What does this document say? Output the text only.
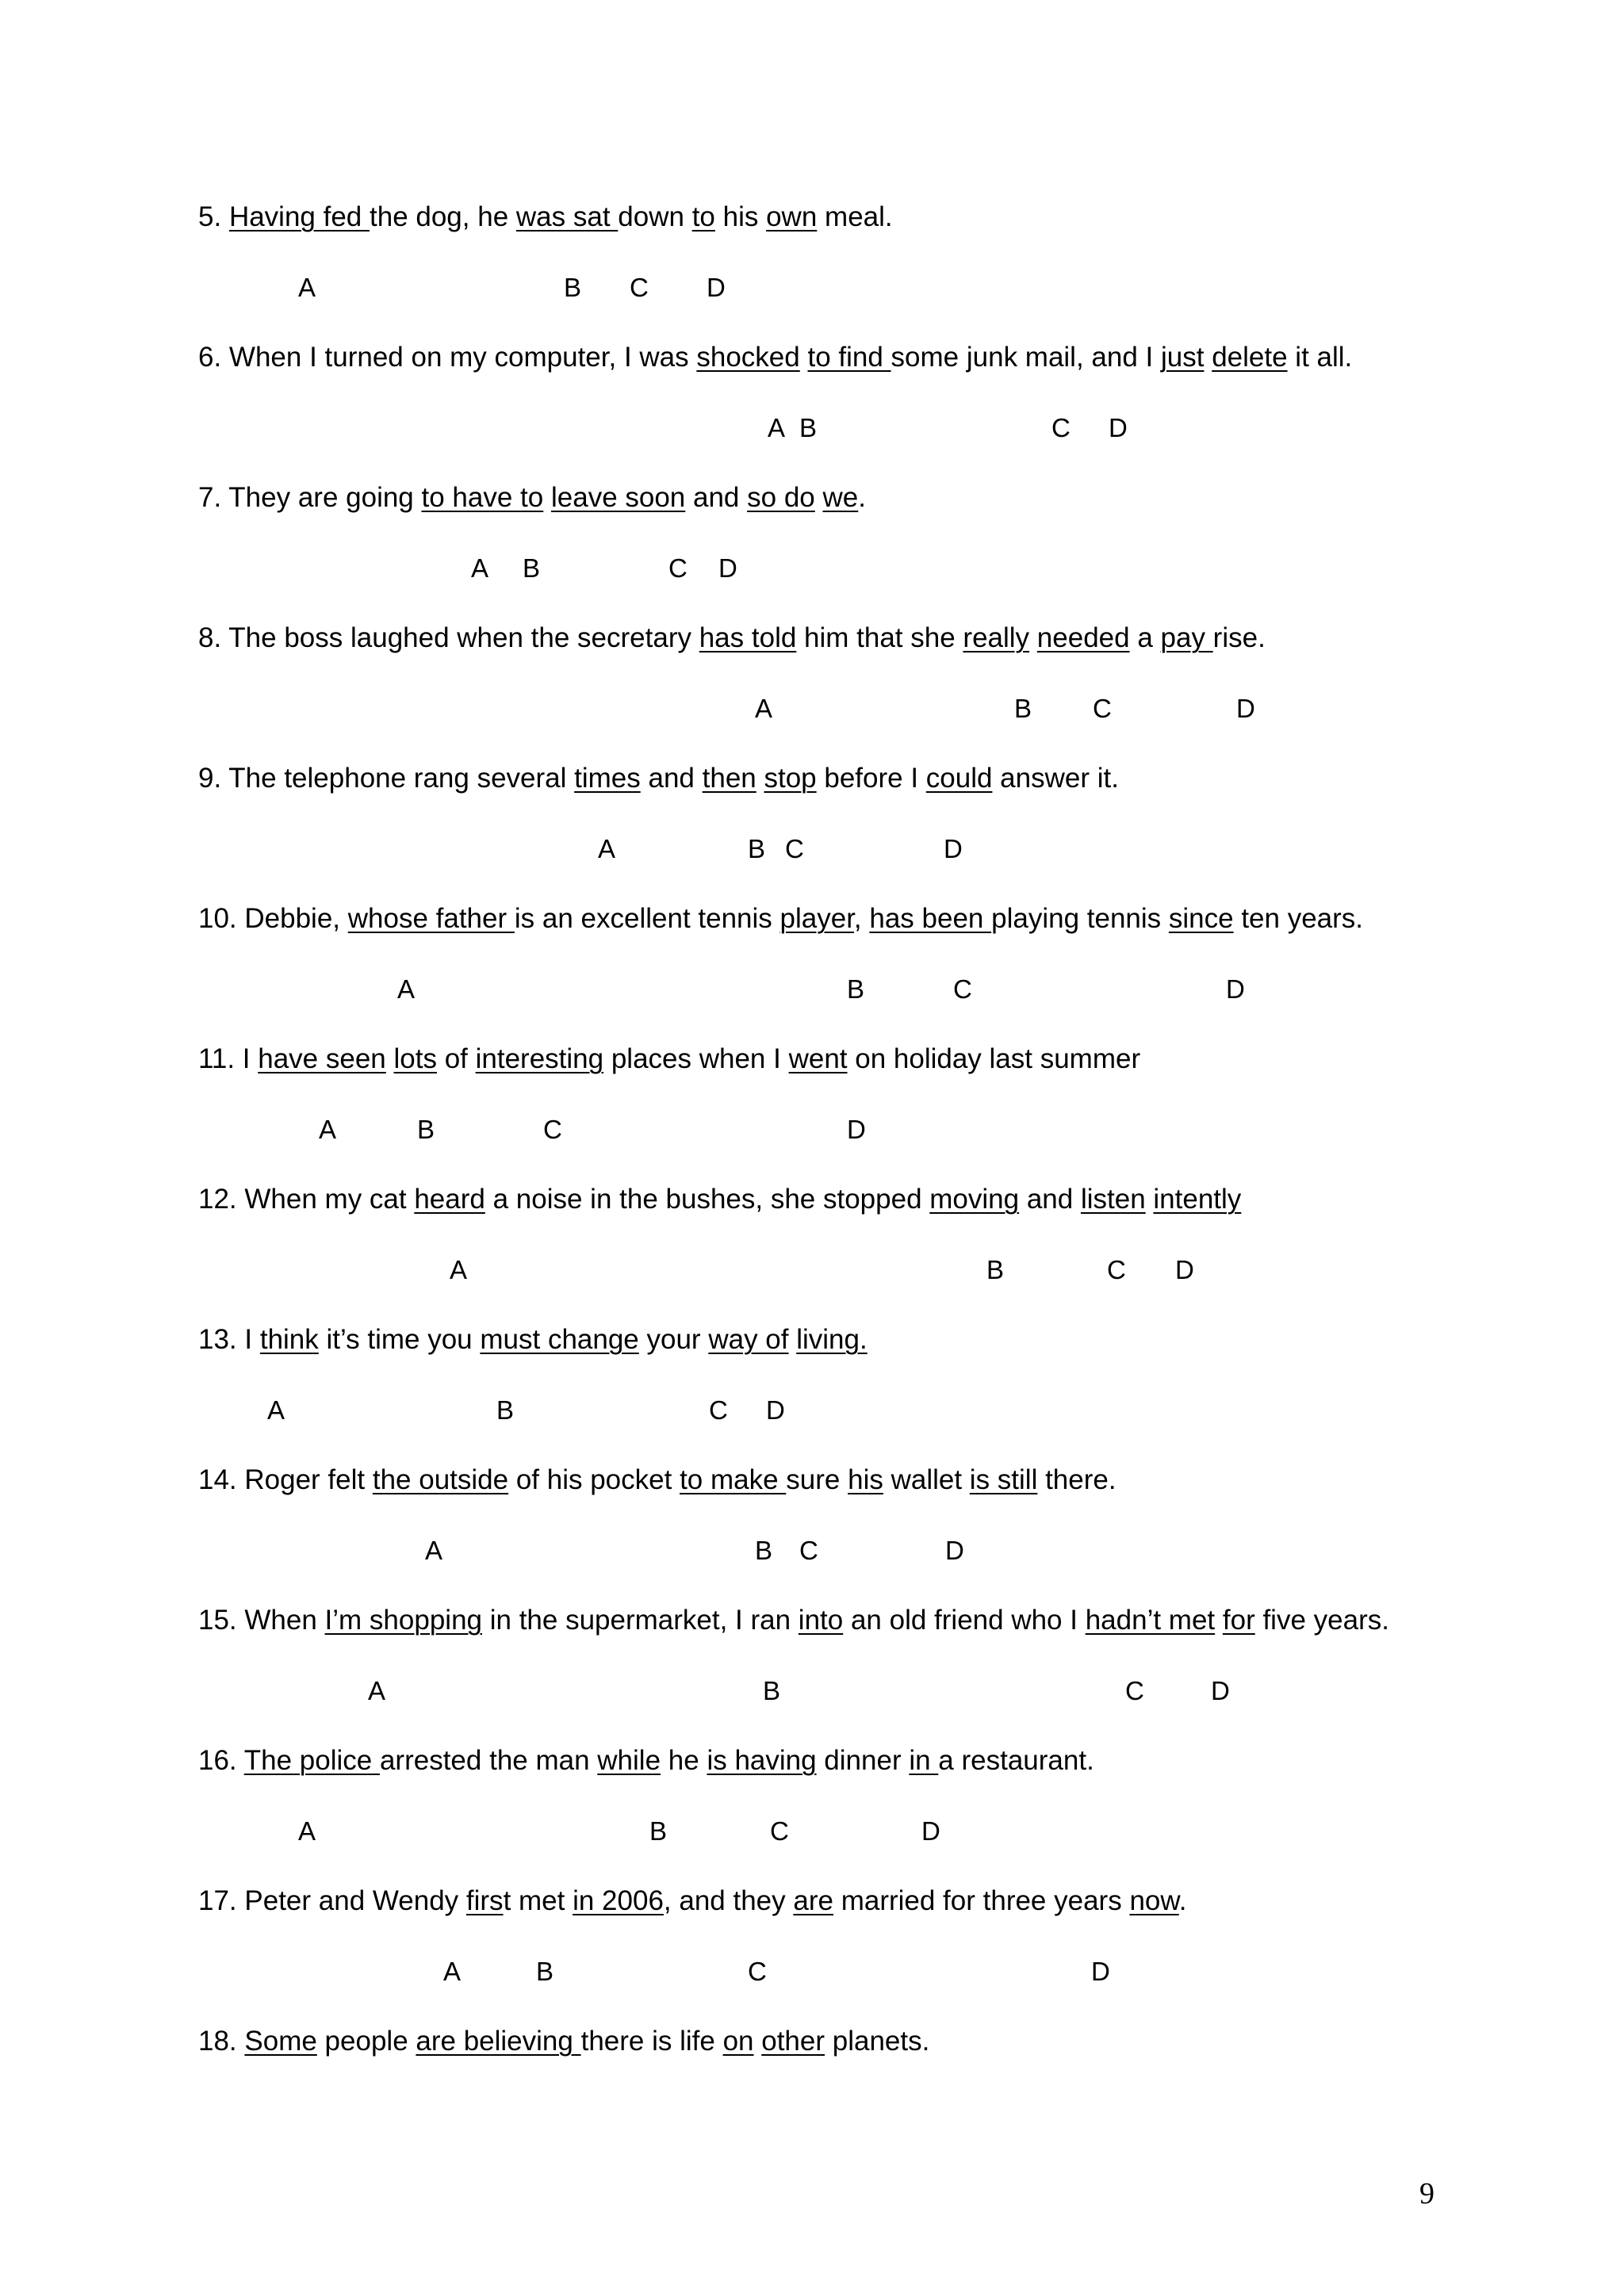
5. Having fed the dog, he was sat down to his own meal.
A	B C D
6. When I turned on my computer, I was shocked to find some junk mail, and I just delete it all.
A B	C D
7. They are going to have to leave soon and so do we.
A B	C D
8. The boss laughed when the secretary has told him that she really needed a pay rise.
A	B C	D
9. The telephone rang several times and then stop before I could answer it.
A	B C	D
10. Debbie, whose father is an excellent tennis player, has been playing tennis since ten years.
A	B	C	D
11. I have seen lots of interesting places when I went on holiday last summer
A	B	C	D
12. When my cat heard a noise in the bushes, she stopped moving and listen intently
A	B	C D
13. I think it’s time you must change your way of living.
A	B	C D
14. Roger felt the outside of his pocket to make sure his wallet is still there.
A	B C	D
15. When I’m shopping in the supermarket, I ran into an old friend who I hadn’t met for five years.
A	B	C	D
16. The police arrested the man while he is having dinner in a restaurant.
A	B	C	D
17. Peter and Wendy first met in 2006, and they are married for three years now.
A	B	C	D
18. Some people are believing there is life on other planets.
9
